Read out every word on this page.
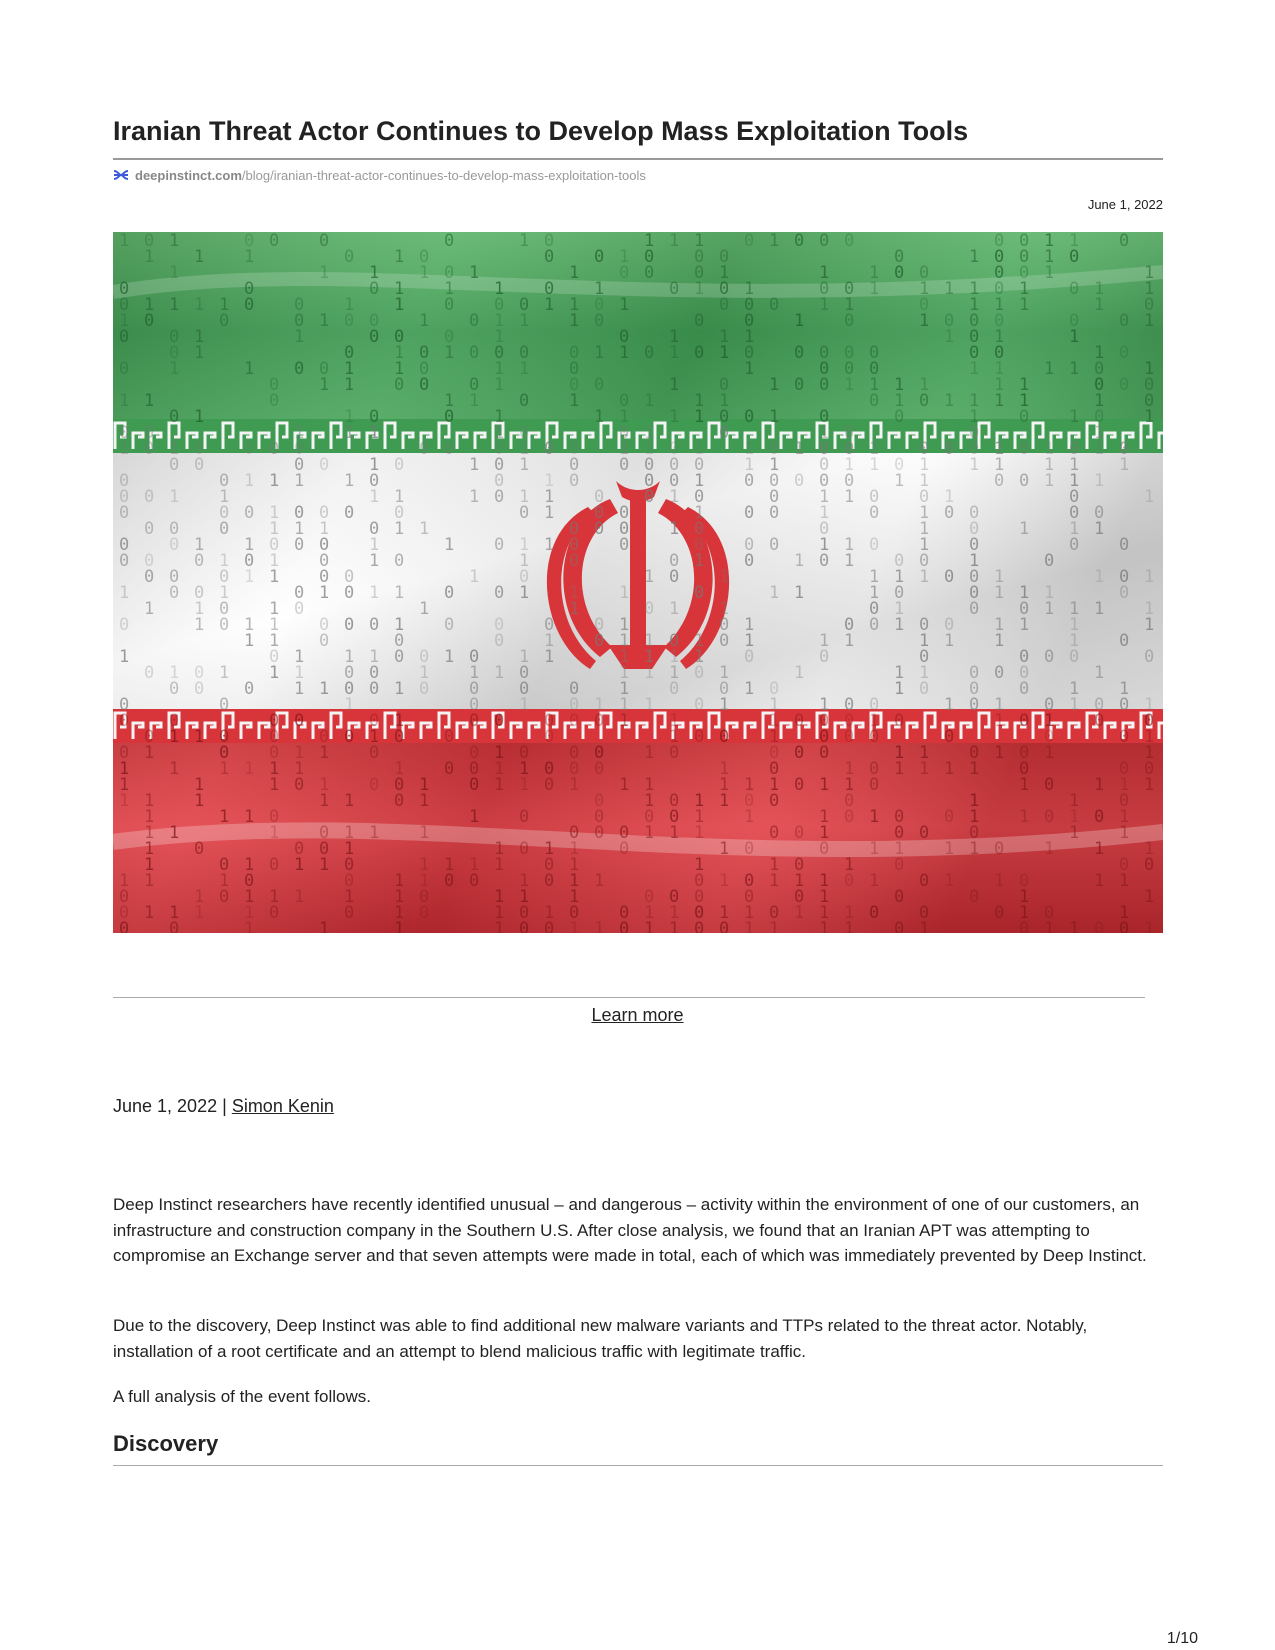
Iranian Threat Actor Continues to Develop Mass Exploitation Tools
deepinstinct.com/blog/iranian-threat-actor-continues-to-develop-mass-exploitation-tools
June 1, 2022
1
0
0
1
0
0
1
0
1
0
0
0
0
0
1
0
1
0
0
0
1
1
1
1
0
0
0
0
1
1
0
1
0
0
0
0
0
0
1
0
0
1
1
1
1
1
1
1
1
1
1
1
0
0
1
0
1
0
1
0
0
0
0
1
0
0
1
1
1
1
0
1
1
1
1
1
0
0
1
0
0
1
1
0
0
1
1
1
0
1
1
1
0
0
1
0
0
1
0
1
0
0
1
0
0
0
1
1
0
1
0
0
1
0
0
1
0
1
0
1
0
1
1
1
0
1
1
1
0
1
1
1
0
0
0
0
1
1
1
0
1
1
1
1
1
0
1
0
0
0
1
1
0
1
0
1
0
0
0
1
0
1
0
0
1
0
1
0
0
0
1
1
1
0
1
1
0
0
1
1
0
1
1
0
1
0
0
1
0
0
0
1
0
0
1
0
1
1
1
0
0
1
1
0
1
0
0
1
1
1
1
1
0
0
0
0
1
0
0
1
0
1
1
1
0
0
1
0
1
0
0
0
0
1
1
0
1
0
1
1
1
0
1
0
0
0
1
0
0
1
1
1
1
0
1
1
0
0
1
0
1
0
1
1
0
0
1
1
0
1
0
0
1
1
1
1
0
1
1
0
0
0
0
1
1
0
1
0
1
1
1
1
1
0
0
0
0
1
0
0
1
1
0
0
1
0
0
1
0
0
1
0
1
0
0
0
1
1
1
1
0
1
0
0
0
0
0
0
1
1
0
1
0
1
1
0
1
1
1
1
0
0
0
0
0
0
0
0
1
0
1
1
1
1
1
1
1
1
1
0
1
0
1
0
0
1
1
1
0
1
1
0
1
1
0
0
1
0
1
1
0
0
1
1
0
0
0
0
0
1
0
1
1
1
1
0
1
1
0
0
0
0
1
0
0
1
0
1
1
1
0
0
0
1
0
0
0
0
0
0
1
1
0
0
0
0
0
1
0
1
1
1
1
0
1
0
1
0
0
1
0
1
0
0
0
0
0
1
0
0
0
0
0
0
1
1
1
0
1
0
1
0
1
0
1
0
0
0
0
1
1
1
1
1
1
1
1
1
0
0
0
0
1
0
0
0
1
1
1
0
0
0
1
0
1
1
1
1
1
1
1
0
1
0
1
1
1
0
1
1
1
1
0
0
0
1
1
0
0
1
0
1
1
0
1
1
0
0
0
1
0
1
1
1
0
0
1
0
0
1
1
1
0
1
0
1
0
0
1
0
1
1
0
0
0
1
1
1
1
0
0
0
0
0
1
0
0
1
1
0
1
0
0
1
1
0
0
1
0
1
0
1
1
1
1
1
1
0
0
1
0
0
1
0
1
0
1
1
0
0
0
0
1
1
0
1
1
0
1
0
0
0
1
1
1
0
1
1
0
1
0
0
0
0
1
0
1
1
1
0
0
1
0
0
1
1
0
1
0
1
0
0
1
0
1
1
1
0
0
0
0
0
1
0
1
0
1
0
1
0
0
0
0
1
0
0
0
1
1
0
1
0
1
0
1
0
0
0
1
1
1
0
1
1
1
1
0
0
1
0
0
0
1
0
0
1
0
1
1
1
0
1
0
0
0
1
1
0
0
1
0
1
1
1
1
0
0
1
0
1
1
0
0
0
1
1
0
0
0
1
0
0
0
1
1
1
0
0
0
1
1
0
0
1
0
1
0
1
1
1
1
0
1
1
0
0
1
0
0
0
0
1
0
1
1
0
0
1
1
0
1
1
1
0
1
0
1
0
1
0
1
1
0
0
0
1
1
0
1
1
0
1
0
0
0
1
1
0
1
0
1
1
1
1
1
0
0
0
1
1
1
0
0
1
0
0
0
1
0
0
0
0
0
0
0
1
1
1
0
1
0
0
0
0
0
1
0
1
0
1
1
1
1
1
0
1
1
1
1
0
1
1
1
0
1
0
0
0
0
1
1
1
1
0
0
0
1
1
0
1
0
0
0
0
0
0
1
1
0
1
1
0
1
1
1
1
1
1
1
0
1
1
0
0
1
0
1
0
0
1
0
1
1
0
0
0
1
1
1
0
1
1
0
0
1
0
1
1
1
0
1
1
1
1
1
1
1
1
1
0
0
1
0
1
1
1
0
1
1
1
1
0
0
1
0
1
1
0
0
0
0
0
0
1
0
0
0
0
1
0
0
0
1
0
1
1
0
1
1
0
1
1
0
1
1
0
0
1
1
1
1
1
0
1
0
1
1
0
1
1
0
1
1
Learn more
June 1, 2022 | Simon Kenin

Deep Instinct researchers have recently identified unusual – and dangerous – activity within the environment of one of our customers, an infrastructure and construction company in the Southern U.S. After close analysis, we found that an Iranian APT was attempting to compromise an Exchange server and that seven attempts were made in total, each of which was immediately prevented by Deep Instinct.

Due to the discovery, Deep Instinct was able to find additional new malware variants and TTPs related to the threat actor. Notably, installation of a root certificate and an attempt to blend malicious traffic with legitimate traffic.

A full analysis of the event follows.

Discovery
1/10
